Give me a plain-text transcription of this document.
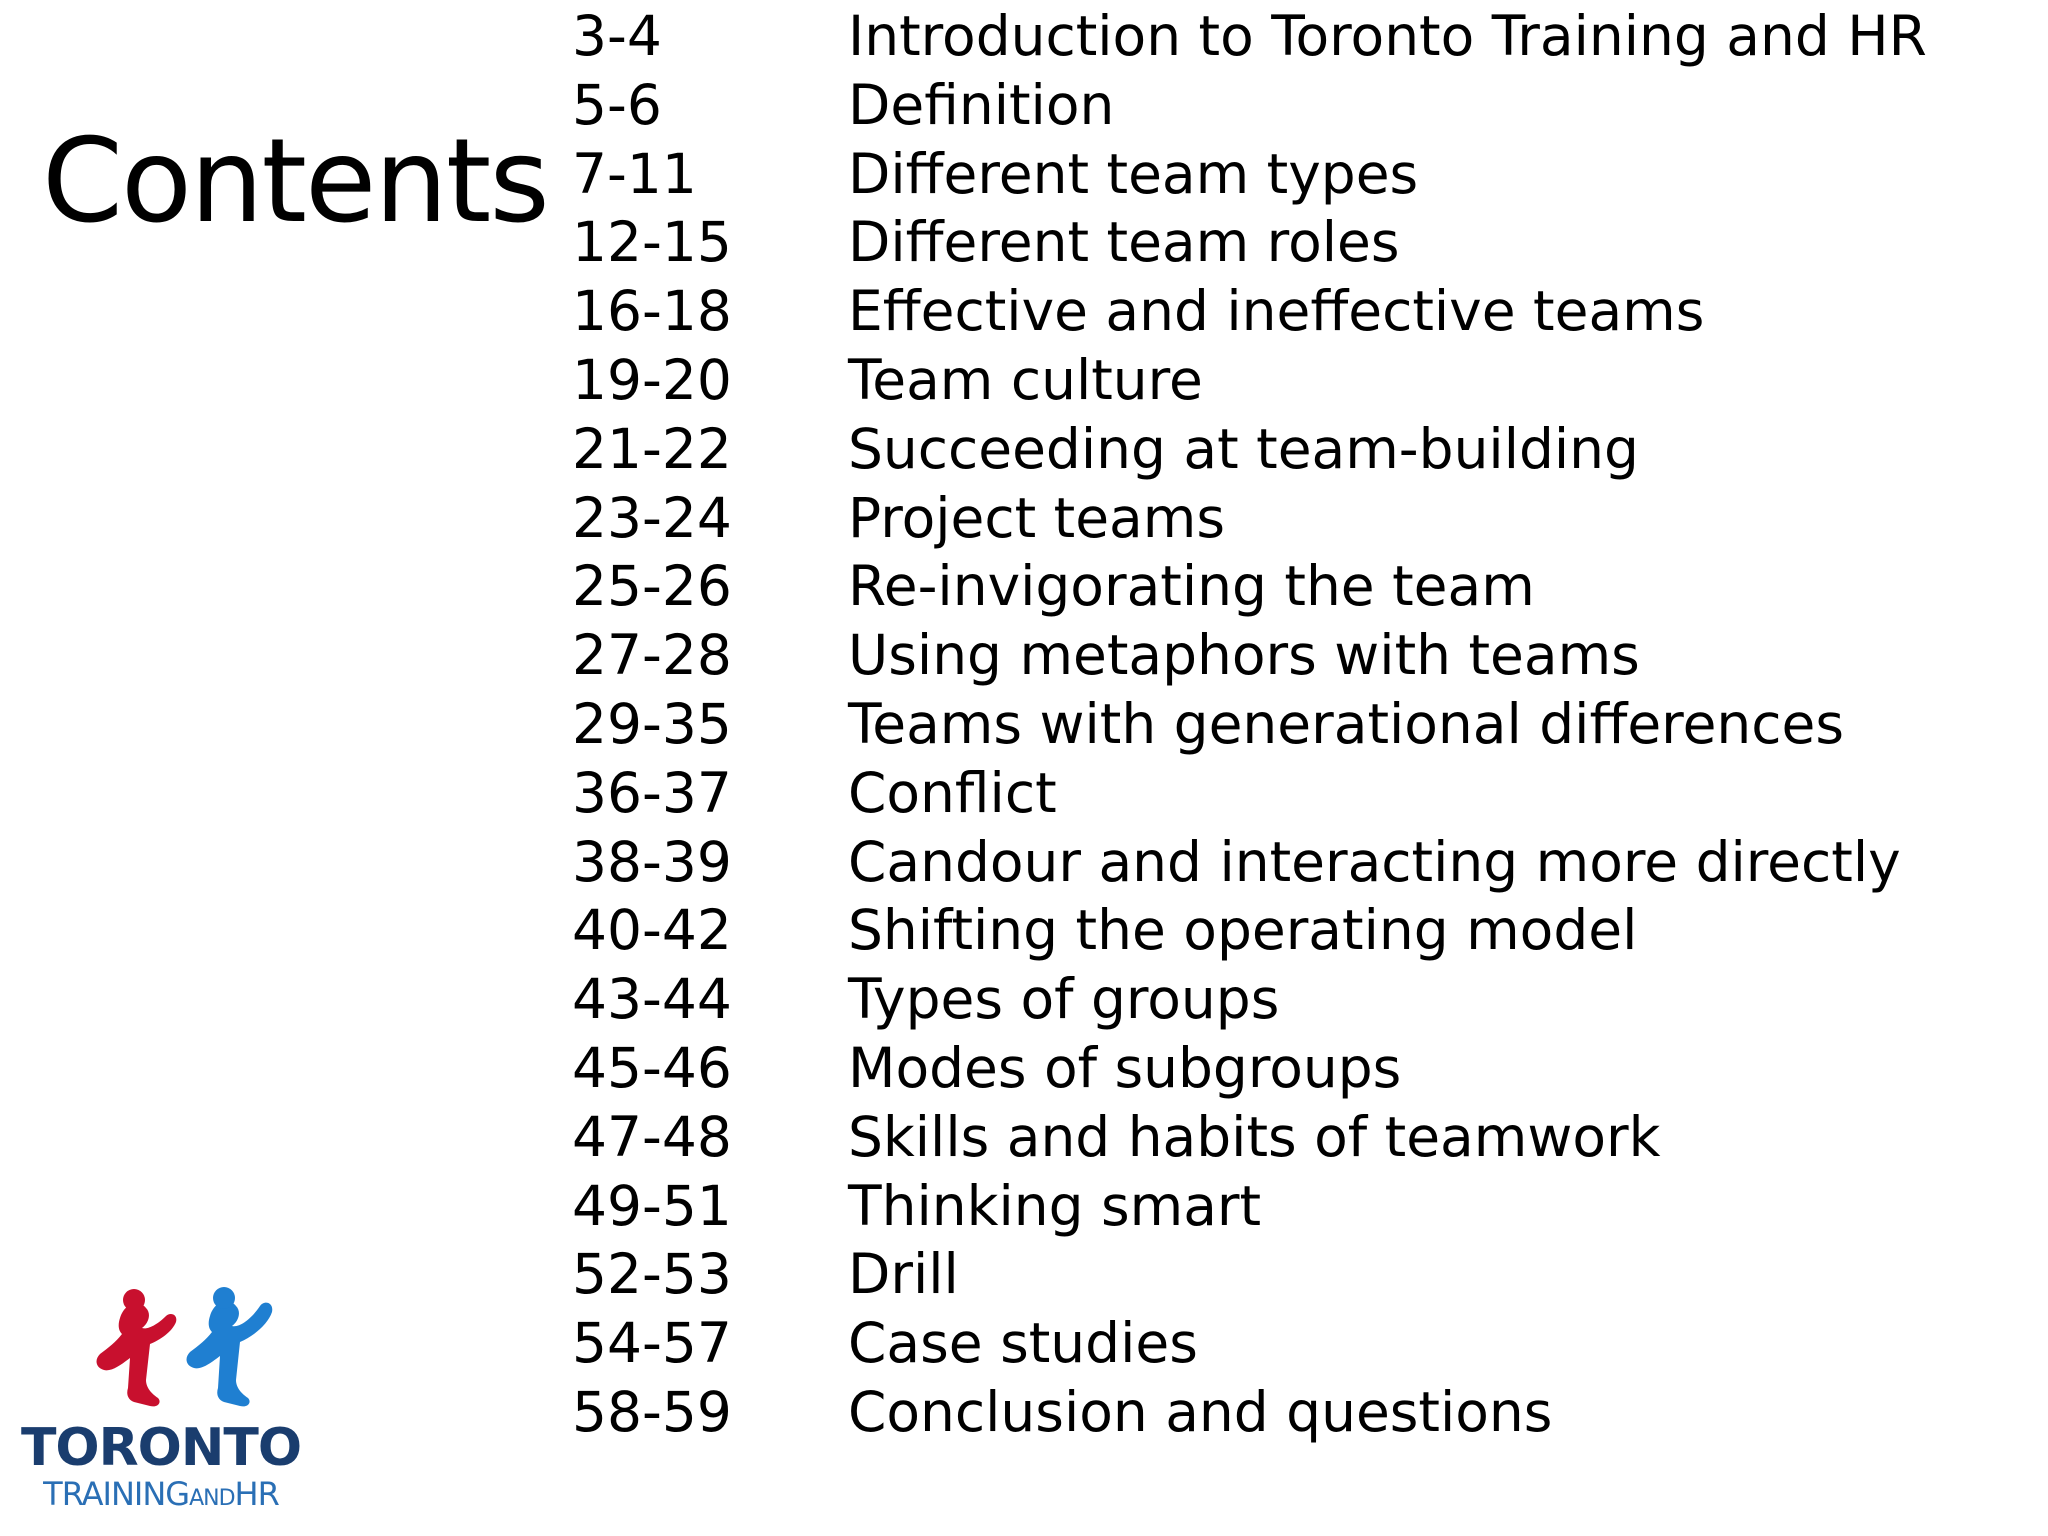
Contents
3-4	Introduction to Toronto Training and HR
5-6	Definition
7-11	Different team types
12-15 Different team roles
16-18 Effective and ineffective teams
19-20 Team culture
21-22 Succeeding at team-building
23-24 Project teams
25-26 Re-invigorating the team
27-28 Using metaphors with teams
29-35 Teams with generational differences
36-37 Conflict
38-39 Candour and interacting more directly
40-42 Shifting the operating model
43-44 Types of groups
45-46 Modes of subgroups
47-48 Skills and habits of teamwork
49-51 Thinking smart
52-53 Drill
54-57 Case studies
58-59 Conclusion and questions
TORONTO
TRAININGANDHR
